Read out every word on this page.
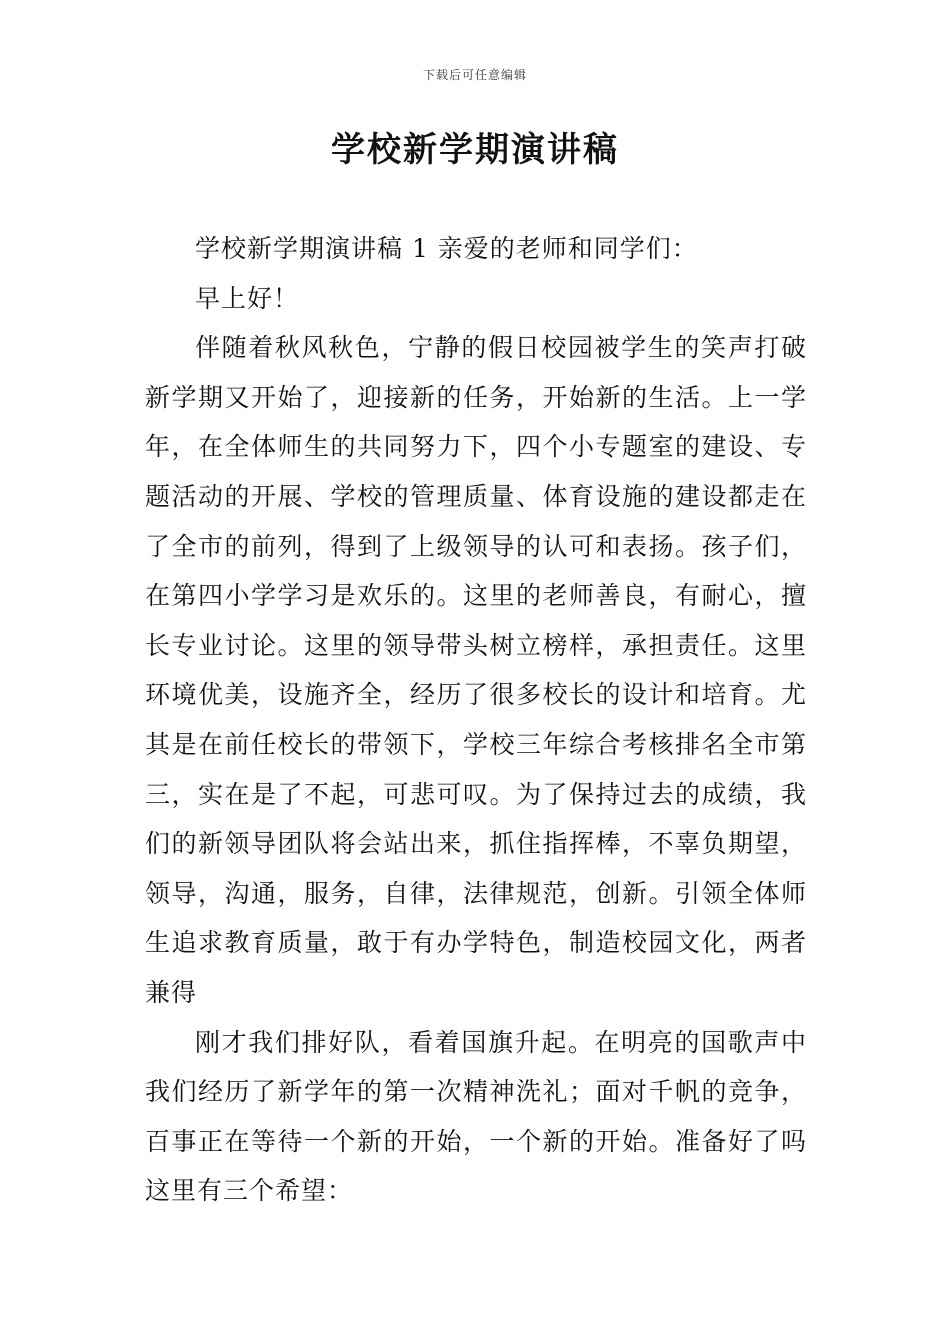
下载后可任意编辑
学校新学期演讲稿

学校新学期演讲稿 1 亲爱的老师和同学们：

早上好！

伴随着秋风秋色，宁静的假日校园被学生的笑声打破新学期又开始了，迎接新的任务，开始新的生活。上一学年，在全体师生的共同努力下，四个小专题室的建设、专题活动的开展、学校的管理质量、体育设施的建设都走在了全市的前列，得到了上级领导的认可和表扬。孩子们，在第四小学学习是欢乐的。这里的老师善良，有耐心，擅长专业讨论。这里的领导带头树立榜样，承担责任。这里环境优美，设施齐全，经历了很多校长的设计和培育。尤其是在前任校长的带领下，学校三年综合考核排名全市第三，实在是了不起，可悲可叹。为了保持过去的成绩，我们的新领导团队将会站出来，抓住指挥棒，不辜负期望，领导，沟通，服务，自律，法律规范，创新。引领全体师生追求教育质量，敢于有办学特色，制造校园文化，两者兼得

刚才我们排好队，看着国旗升起。在明亮的国歌声中我们经历了新学年的第一次精神洗礼；面对千帆的竞争，百事正在等待一个新的开始，一个新的开始。准备好了吗这里有三个希望：
